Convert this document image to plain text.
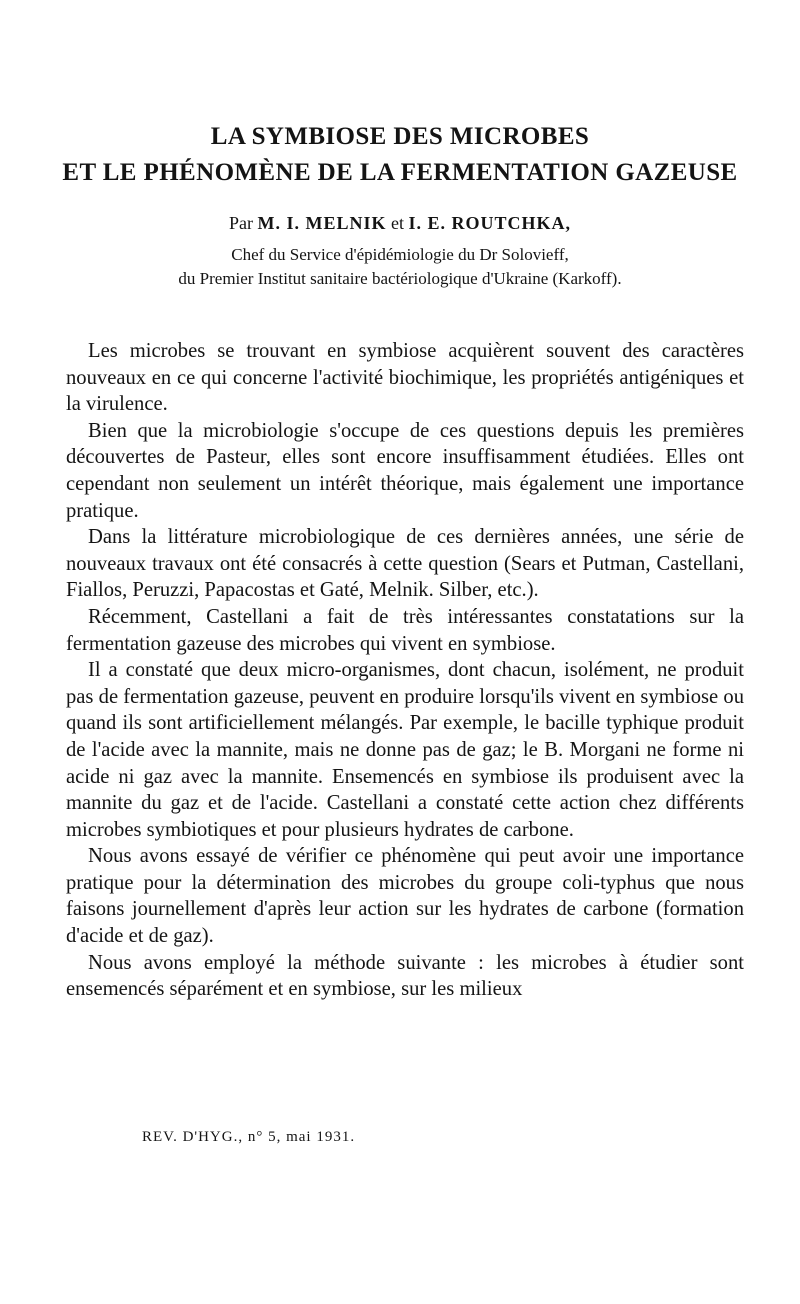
LA SYMBIOSE DES MICROBES
ET LE PHÉNOMÈNE DE LA FERMENTATION GAZEUSE
Par M. I. MELNIK et I. E. ROUTCHKA,
Chef du Service d'épidémiologie du Dr Solovieff,
du Premier Institut sanitaire bactériologique d'Ukraine (Karkoff).

Les microbes se trouvant en symbiose acquièrent souvent des caractères nouveaux en ce qui concerne l'activité biochimique, les propriétés antigéniques et la virulence.

Bien que la microbiologie s'occupe de ces questions depuis les premières découvertes de Pasteur, elles sont encore insuffisamment étudiées. Elles ont cependant non seulement un intérêt théorique, mais également une importance pratique.

Dans la littérature microbiologique de ces dernières années, une série de nouveaux travaux ont été consacrés à cette question (Sears et Putman, Castellani, Fiallos, Peruzzi, Papacostas et Gaté, Melnik. Silber, etc.).

Récemment, Castellani a fait de très intéressantes constatations sur la fermentation gazeuse des microbes qui vivent en symbiose.

Il a constaté que deux micro-organismes, dont chacun, isolément, ne produit pas de fermentation gazeuse, peuvent en produire lorsqu'ils vivent en symbiose ou quand ils sont artificiellement mélangés. Par exemple, le bacille typhique produit de l'acide avec la mannite, mais ne donne pas de gaz; le B. Morgani ne forme ni acide ni gaz avec la mannite. Ensemencés en symbiose ils produisent avec la mannite du gaz et de l'acide. Castellani a constaté cette action chez différents microbes symbiotiques et pour plusieurs hydrates de carbone.

Nous avons essayé de vérifier ce phénomène qui peut avoir une importance pratique pour la détermination des microbes du groupe coli-typhus que nous faisons journellement d'après leur action sur les hydrates de carbone (formation d'acide et de gaz).

Nous avons employé la méthode suivante : les microbes à étudier sont ensemencés séparément et en symbiose, sur les milieux

REV. D'HYG., n° 5, mai 1931.
